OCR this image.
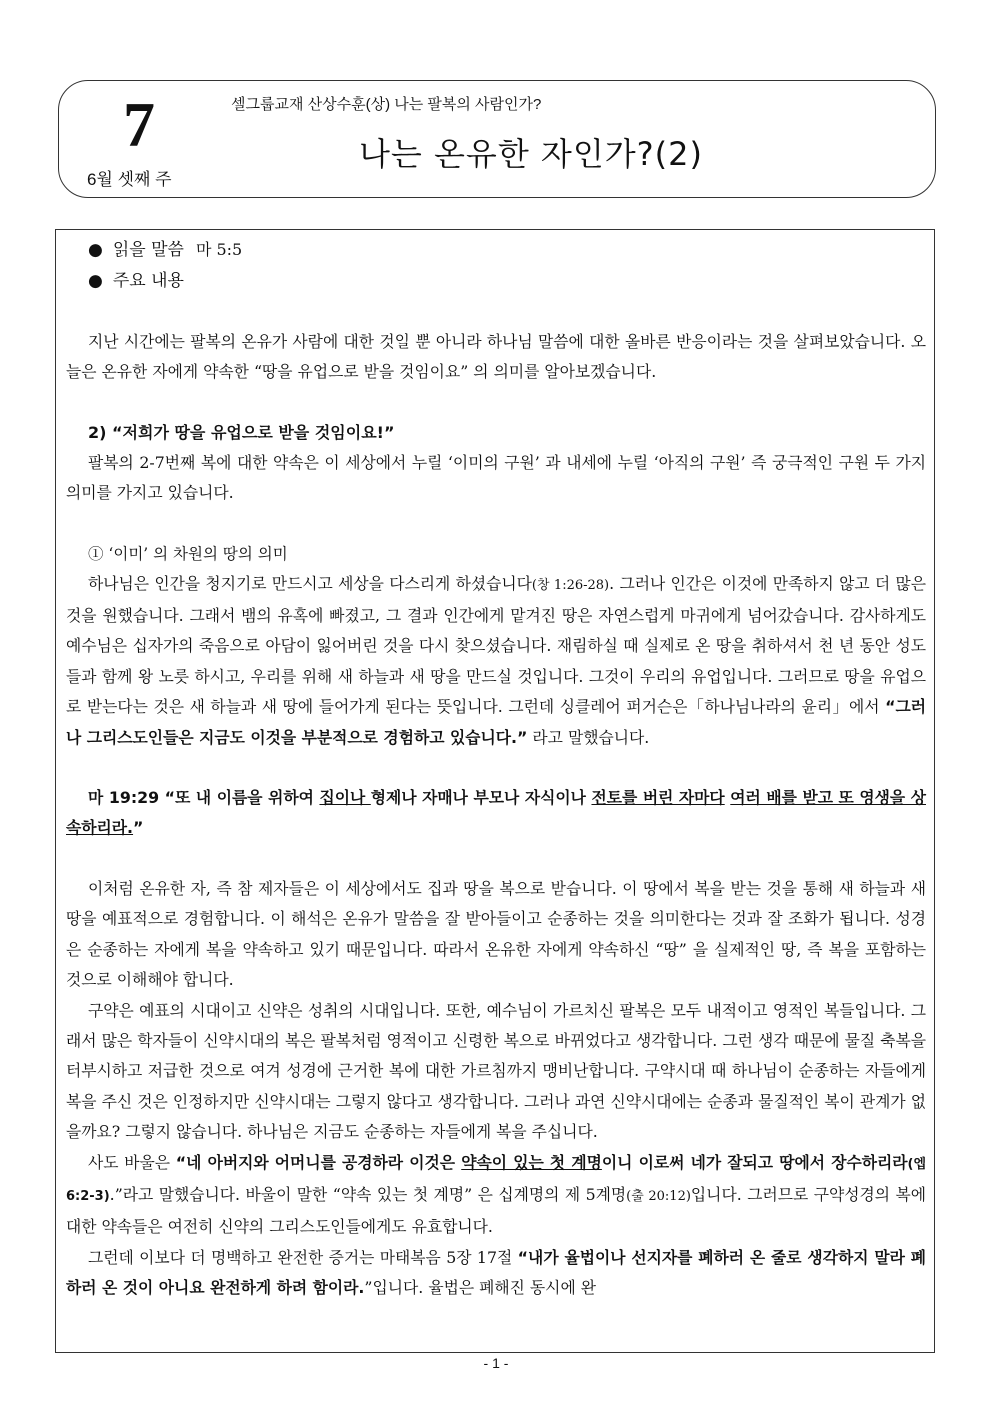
7
6월 셋째 주
셀그룹교재 산상수훈(상) 나는 팔복의 사람인가?
나는 온유한 자인가?(2)
● 읽을 말씀 마 5:5
● 주요 내용

지난 시간에는 팔복의 온유가 사람에 대한 것일 뿐 아니라 하나님 말씀에 대한 올바른 반응이라는 것을 살펴보았습니다. 오늘은 온유한 자에게 약속한 “땅을 유업으로 받을 것임이요” 의 의미를 알아보겠습니다.

2) “저희가 땅을 유업으로 받을 것임이요!”

팔복의 2-7번째 복에 대한 약속은 이 세상에서 누릴 ‘이미의 구원’ 과 내세에 누릴 ‘아직의 구원’ 즉 궁극적인 구원 두 가지 의미를 가지고 있습니다.

① ‘이미’ 의 차원의 땅의 의미

하나님은 인간을 청지기로 만드시고 세상을 다스리게 하셨습니다(창 1:26-28). 그러나 인간은 이것에 만족하지 않고 더 많은 것을 원했습니다. 그래서 뱀의 유혹에 빠졌고, 그 결과 인간에게 맡겨진 땅은 자연스럽게 마귀에게 넘어갔습니다. 감사하게도 예수님은 십자가의 죽음으로 아담이 잃어버린 것을 다시 찾으셨습니다. 재림하실 때 실제로 온 땅을 취하셔서 천 년 동안 성도들과 함께 왕 노릇 하시고, 우리를 위해 새 하늘과 새 땅을 만드실 것입니다. 그것이 우리의 유업입니다. 그러므로 땅을 유업으로 받는다는 것은 새 하늘과 새 땅에 들어가게 된다는 뜻입니다. 그런데 싱클레어 퍼거슨은「하나님나라의 윤리」에서 “그러나 그리스도인들은 지금도 이것을 부분적으로 경험하고 있습니다.” 라고 말했습니다.

마 19:29 “또 내 이름을 위하여 집이나 형제나 자매나 부모나 자식이나 전토를 버린 자마다 여러 배를 받고 또 영생을 상속하리라.”

이처럼 온유한 자, 즉 참 제자들은 이 세상에서도 집과 땅을 복으로 받습니다. 이 땅에서 복을 받는 것을 통해 새 하늘과 새 땅을 예표적으로 경험합니다. 이 해석은 온유가 말씀을 잘 받아들이고 순종하는 것을 의미한다는 것과 잘 조화가 됩니다. 성경은 순종하는 자에게 복을 약속하고 있기 때문입니다. 따라서 온유한 자에게 약속하신 “땅” 을 실제적인 땅, 즉 복을 포함하는 것으로 이해해야 합니다.

구약은 예표의 시대이고 신약은 성취의 시대입니다. 또한, 예수님이 가르치신 팔복은 모두 내적이고 영적인 복들입니다. 그래서 많은 학자들이 신약시대의 복은 팔복처럼 영적이고 신령한 복으로 바뀌었다고 생각합니다. 그런 생각 때문에 물질 축복을 터부시하고 저급한 것으로 여겨 성경에 근거한 복에 대한 가르침까지 맹비난합니다. 구약시대 때 하나님이 순종하는 자들에게 복을 주신 것은 인정하지만 신약시대는 그렇지 않다고 생각합니다. 그러나 과연 신약시대에는 순종과 물질적인 복이 관계가 없을까요? 그렇지 않습니다. 하나님은 지금도 순종하는 자들에게 복을 주십니다.

사도 바울은 “네 아버지와 어머니를 공경하라 이것은 약속이 있는 첫 계명이니 이로써 네가 잘되고 땅에서 장수하리라(엡 6:2-3).”라고 말했습니다. 바울이 말한 “약속 있는 첫 계명” 은 십계명의 제 5계명(출 20:12)입니다. 그러므로 구약성경의 복에 대한 약속들은 여전히 신약의 그리스도인들에게도 유효합니다.

그런데 이보다 더 명백하고 완전한 증거는 마태복음 5장 17절 “내가 율법이나 선지자를 폐하러 온 줄로 생각하지 말라 폐하러 온 것이 아니요 완전하게 하려 함이라.”입니다. 율법은 폐해진 동시에 완

- 1 -
